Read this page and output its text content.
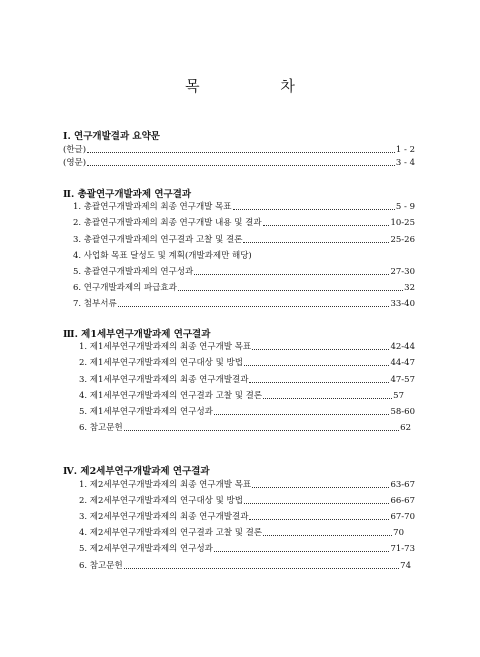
목 차
Ⅰ. 연구개발결과 요약문
(한글)	1 - 2
(영문)	3 - 4
Ⅱ. 총괄연구개발과제 연구결과
1. 총괄연구개발과제의 최종 연구개발 목표	5 - 9
2. 총괄연구개발과제의 최종 연구개발 내용 및 결과	10-25
3. 총괄연구개발과제의 연구결과 고찰 및 결론	25-26
4. 사업화 목표 달성도 및 계획(개발과제만 해당)
5. 총괄연구개발과제의 연구성과	27-30
6. 연구개발과제의 파급효과	32
7. 첨부서류	33-40
Ⅲ. 제1세부연구개발과제 연구결과
1. 제1세부연구개발과제의 최종 연구개발 목표	42-44
2. 제1세부연구개발과제의 연구대상 및 방법	44-47
3. 제1세부연구개발과제의 최종 연구개발결과	47-57
4. 제1세부연구개발과제의 연구결과 고찰 및 결론	57
5. 제1세부연구개발과제의 연구성과	58-60
6. 참고문헌	62
Ⅳ. 제2세부연구개발과제 연구결과
1. 제2세부연구개발과제의 최종 연구개발 목표	63-67
2. 제2세부연구개발과제의 연구대상 및 방법	66-67
3. 제2세부연구개발과제의 최종 연구개발결과	67-70
4. 제2세부연구개발과제의 연구결과 고찰 및 결론	70
5. 제2세부연구개발과제의 연구성과	71-73
6. 참고문헌	74
